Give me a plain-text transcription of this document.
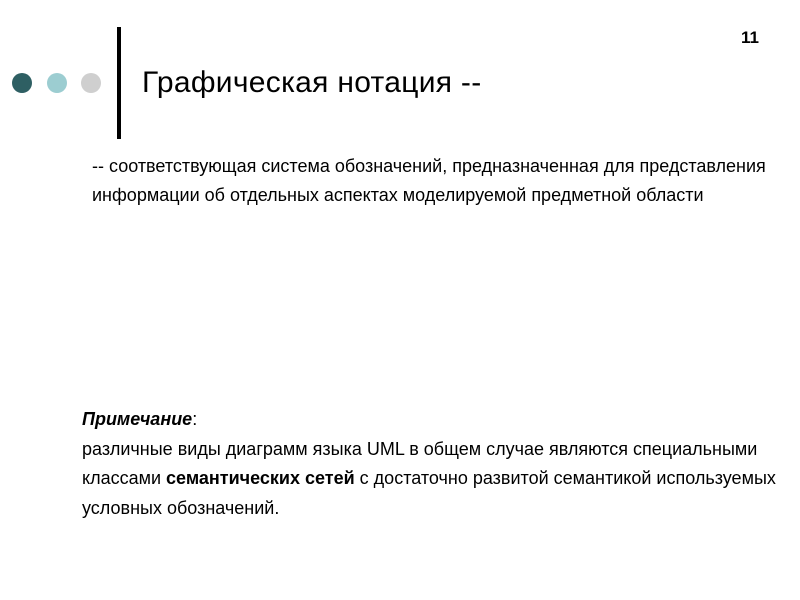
11
Графическая нотация --
-- соответствующая система обозначений, предназначенная для представления информации об отдельных аспектах моделируемой предметной области
Примечание:
различные виды диаграмм языка UML в общем случае являются специальными классами семантических сетей с достаточно развитой семантикой используемых условных обозначений.
